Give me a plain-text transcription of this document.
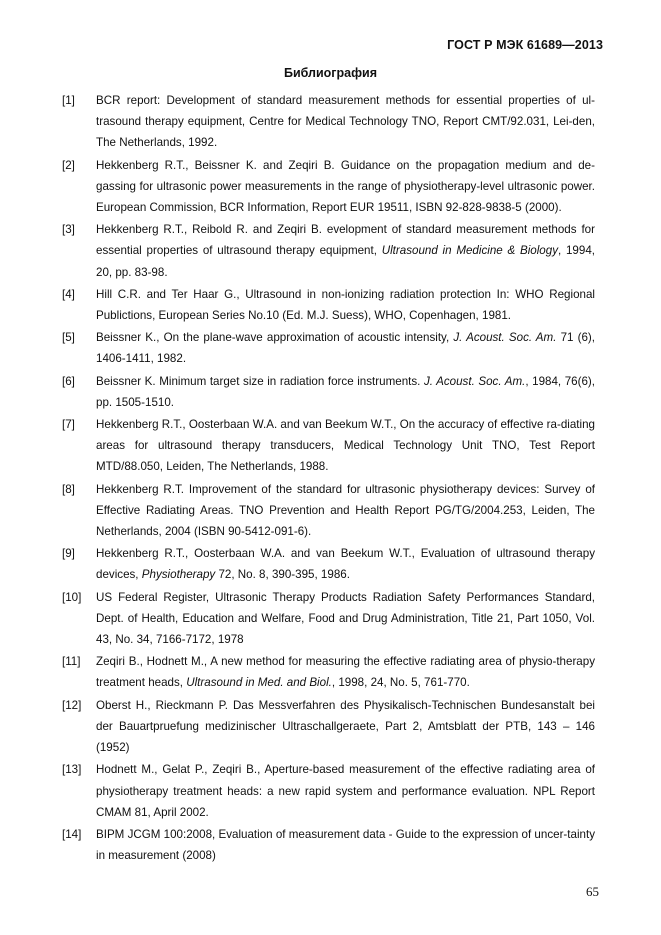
ГОСТ Р МЭК 61689—2013
Библиография
[1] BCR report: Development of standard measurement methods for essential properties of ul-trasound therapy equipment, Centre for Medical Technology TNO, Report CMT/92.031, Lei-den, The Netherlands, 1992.
[2] Hekkenberg R.T., Beissner K. and Zeqiri B. Guidance on the propagation medium and de-gassing for ultrasonic power measurements in the range of physiotherapy-level ultrasonic power. European Commission, BCR Information, Report EUR 19511, ISBN 92-828-9838-5 (2000).
[3] Hekkenberg R.T., Reibold R. and Zeqiri B. evelopment of standard measurement methods for essential properties of ultrasound therapy equipment, Ultrasound in Medicine & Biology, 1994, 20, pp. 83-98.
[4] Hill C.R. and Ter Haar G., Ultrasound in non-ionizing radiation protection In: WHO Regional Publictions, European Series No.10 (Ed. M.J. Suess), WHO, Copenhagen, 1981.
[5] Beissner K., On the plane-wave approximation of acoustic intensity, J. Acoust. Soc. Am. 71 (6), 1406-1411, 1982.
[6] Beissner K. Minimum target size in radiation force instruments. J. Acoust. Soc. Am., 1984, 76(6), pp. 1505-1510.
[7] Hekkenberg R.T., Oosterbaan W.A. and van Beekum W.T., On the accuracy of effective ra-diating areas for ultrasound therapy transducers, Medical Technology Unit TNO, Test Report MTD/88.050, Leiden, The Netherlands, 1988.
[8] Hekkenberg R.T. Improvement of the standard for ultrasonic physiotherapy devices: Survey of Effective Radiating Areas. TNO Prevention and Health Report PG/TG/2004.253, Leiden, The Netherlands, 2004 (ISBN 90-5412-091-6).
[9] Hekkenberg R.T., Oosterbaan W.A. and van Beekum W.T., Evaluation of ultrasound therapy devices, Physiotherapy 72, No. 8, 390-395, 1986.
[10] US Federal Register, Ultrasonic Therapy Products Radiation Safety Performances Standard, Dept. of Health, Education and Welfare, Food and Drug Administration, Title 21, Part 1050, Vol. 43, No. 34, 7166-7172, 1978
[11] Zeqiri B., Hodnett M., A new method for measuring the effective radiating area of physio-therapy treatment heads, Ultrasound in Med. and Biol., 1998, 24, No. 5, 761-770.
[12] Oberst H., Rieckmann P. Das Messverfahren des Physikalisch-Technischen Bundesanstalt bei der Bauartpruefung medizinischer Ultraschallgeraete, Part 2, Amtsblatt der PTB, 143 – 146 (1952)
[13] Hodnett M., Gelat P., Zeqiri B., Aperture-based measurement of the effective radiating area of physiotherapy treatment heads: a new rapid system and performance evaluation. NPL Report CMAM 81, April 2002.
[14] BIPM JCGM 100:2008, Evaluation of measurement data - Guide to the expression of uncer-tainty in measurement (2008)
65
